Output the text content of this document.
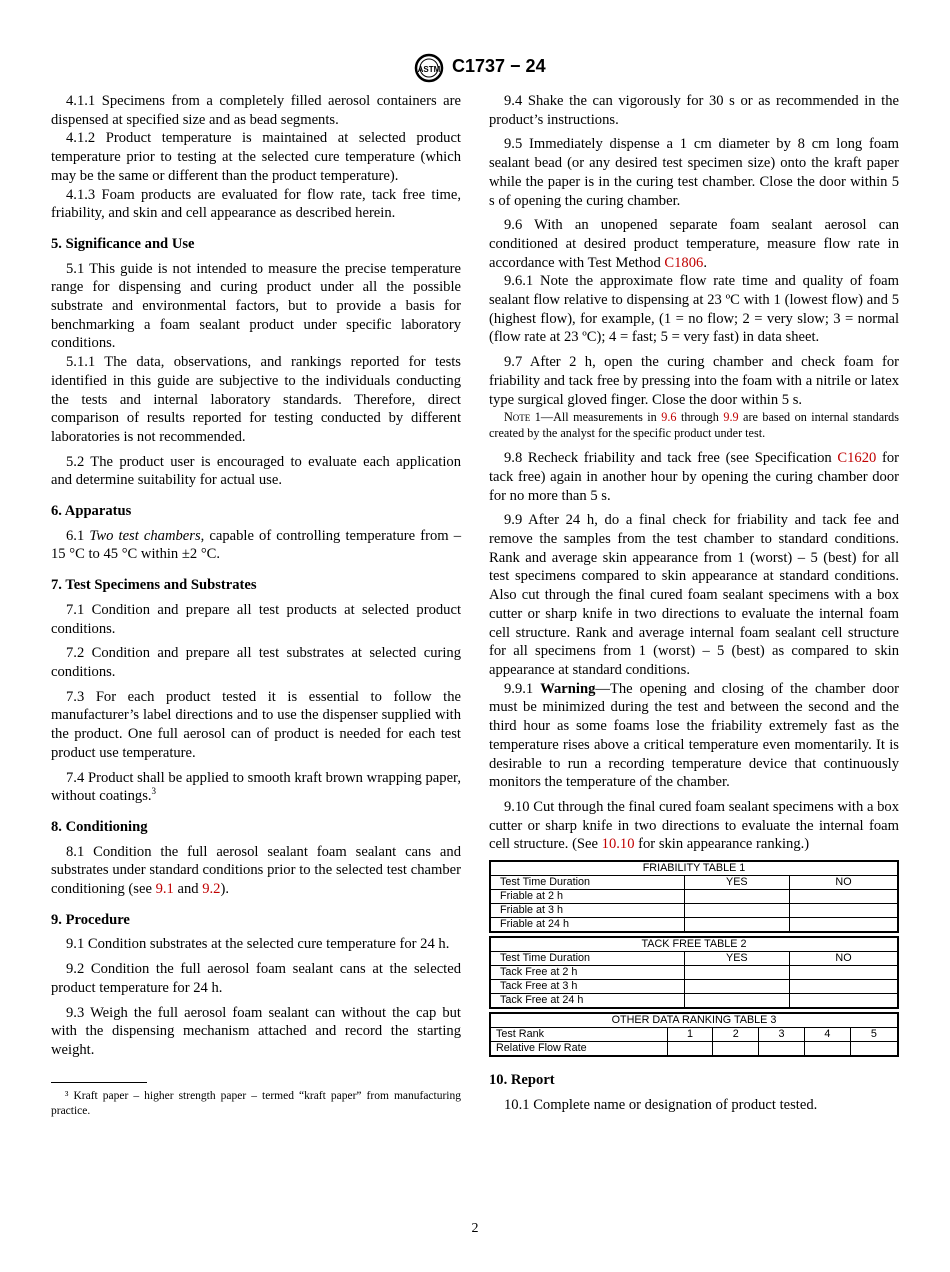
ASTM C1737 − 24

4.1.1 Specimens from a completely filled aerosol containers are dispensed at specified size and as bead segments.

4.1.2 Product temperature is maintained at selected product temperature prior to testing at the selected cure temperature (which may be the same or different than the product temperature).

4.1.3 Foam products are evaluated for flow rate, tack free time, friability, and skin and cell appearance as described herein.

5. Significance and Use

5.1 This guide is not intended to measure the precise temperature range for dispensing and curing product under all the possible substrate and environmental factors, but to provide a basis for benchmarking a foam sealant product under specific laboratory conditions.

5.1.1 The data, observations, and rankings reported for tests identified in this guide are subjective to the individuals conducting the tests and internal laboratory standards. Therefore, direct comparison of results reported for testing conducted by different laboratories is not recommended.

5.2 The product user is encouraged to evaluate each application and determine suitability for actual use.

6. Apparatus

6.1 Two test chambers, capable of controlling temperature from –15 °C to 45 °C within ±2 °C.

7. Test Specimens and Substrates

7.1 Condition and prepare all test products at selected product conditions.

7.2 Condition and prepare all test substrates at selected curing conditions.

7.3 For each product tested it is essential to follow the manufacturer’s label directions and to use the dispenser supplied with the product. One full aerosol can of product is needed for each test product use temperature.

7.4 Product shall be applied to smooth kraft brown wrapping paper, without coatings.$^3$

8. Conditioning

8.1 Condition the full aerosol sealant foam sealant cans and substrates under standard conditions prior to the selected test chamber conditioning (see 9.1 and 9.2).

9. Procedure

9.1 Condition substrates at the selected cure temperature for 24 h.

9.2 Condition the full aerosol foam sealant cans at the selected product temperature for 24 h.

9.3 Weigh the full aerosol foam sealant can without the cap but with the dispensing mechanism attached and record the starting weight.

³ Kraft paper – higher strength paper – termed “kraft paper” from manufacturing practice.

9.4 Shake the can vigorously for 30 s or as recommended in the product’s instructions.

9.5 Immediately dispense a 1 cm diameter by 8 cm long foam sealant bead (or any desired test specimen size) onto the kraft paper while the paper is in the curing test chamber. Close the door within 5 s of opening the curing chamber.

9.6 With an unopened separate foam sealant aerosol can conditioned at desired product temperature, measure flow rate in accordance with Test Method C1806.

9.6.1 Note the approximate flow rate time and quality of foam sealant flow relative to dispensing at 23 ºC with 1 (lowest flow) and 5 (highest flow), for example, (1 = no flow; 2 = very slow; 3 = normal (flow rate at 23 ºC); 4 = fast; 5 = very fast) in data sheet.

9.7 After 2 h, open the curing chamber and check foam for friability and tack free by pressing into the foam with a nitrile or latex type surgical gloved finger. Close the door within 5 s.

Note 1—All measurements in 9.6 through 9.9 are based on internal standards created by the analyst for the specific product under test.

9.8 Recheck friability and tack free (see Specification C1620 for tack free) again in another hour by opening the curing chamber door for no more than 5 s.

9.9 After 24 h, do a final check for friability and tack fee and remove the samples from the test chamber to standard conditions. Rank and average skin appearance from 1 (worst) – 5 (best) for all test specimens compared to skin appearance at standard conditions. Also cut through the final cured foam sealant specimens with a box cutter or sharp knife in two directions to evaluate the internal foam cell structure. Rank and average internal foam sealant cell structure for all specimens from 1 (worst) – 5 (best) as compared to skin appearance at standard conditions.

9.9.1 Warning—The opening and closing of the chamber door must be minimized during the test and between the second and the third hour as some foams lose the friability extremely fast as the temperature rises above a critical temperature even momentarily. It is desirable to run a recording temperature device that continuously monitors the temperature of the chamber.

9.10 Cut through the final cured foam sealant specimens with a box cutter or sharp knife in two directions to evaluate the internal foam cell structure. (See 10.10 for skin appearance ranking.)

FRIABILITY TABLE 1		
Test Time Duration	YES	NO
Friable at 2 h		
Friable at 3 h		
Friable at 24 h		
TACK FREE TABLE 2		
Test Time Duration	YES	NO
Tack Free at 2 h		
Tack Free at 3 h		
Tack Free at 24 h		
OTHER DATA RANKING TABLE 3					
Test Rank	1	2	3	4	5
Relative Flow Rate					
10. Report

10.1 Complete name or designation of product tested.

2
